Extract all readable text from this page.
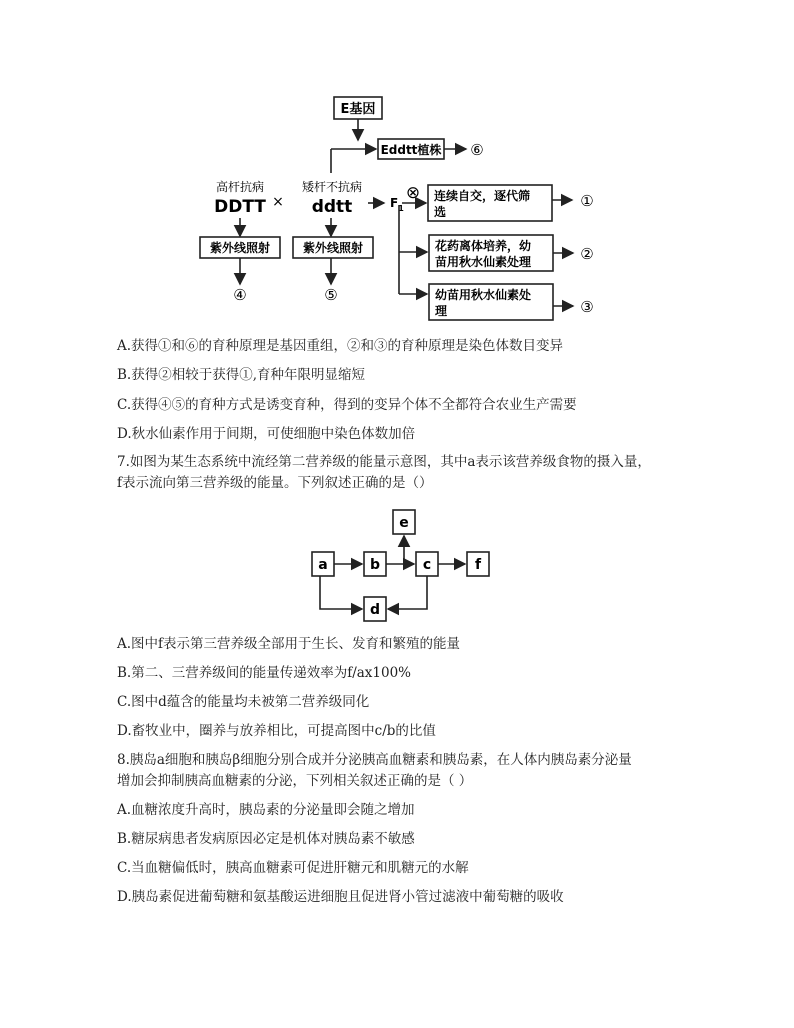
E基因
Eddtt植株 ⑥
高杆抗病
DDTT ×
矮杆不抗病
ddtt	$F_1$
⊗ 连续自交，逐代筛
选
①
花药离体培养，幼
苗用秋水仙素处理	②
幼苗用秋水仙素处
理	③
紫外线照射
④
紫外线照射
⑤
A.获得①和⑥的育种原理是基因重组，②和③的育种原理是染色体数目变异
B.获得②相较于获得①,育种年限明显缩短
C.获得④⑤的育种方式是诱变育种，得到的变异个体不全都符合农业生产需要
D.秋水仙素作用于间期，可使细胞中染色体数加倍
7.如图为某生态系统中流经第二营养级的能量示意图，其中a表示该营养级食物的摄入量，
f表示流向第三营养级的能量。下列叙述正确的是（）
a	b	c	f
e
d
A.图中f表示第三营养级全部用于生长、发育和繁殖的能量
B.第二、三营养级间的能量传递效率为f/ax100%
C.图中d蕴含的能量均未被第二营养级同化
D.畜牧业中，圈养与放养相比，可提高图中c/b的比值
8.胰岛a细胞和胰岛β细胞分别合成并分泌胰高血糖素和胰岛素，在人体内胰岛素分泌量
增加会抑制胰高血糖素的分泌，下列相关叙述正确的是（ ）
A.血糖浓度升高时，胰岛素的分泌量即会随之增加
B.糖尿病患者发病原因必定是机体对胰岛素不敏感
C.当血糖偏低时，胰高血糖素可促进肝糖元和肌糖元的水解
D.胰岛素促进葡萄糖和氨基酸运进细胞且促进肾小管过滤液中葡萄糖的吸收
